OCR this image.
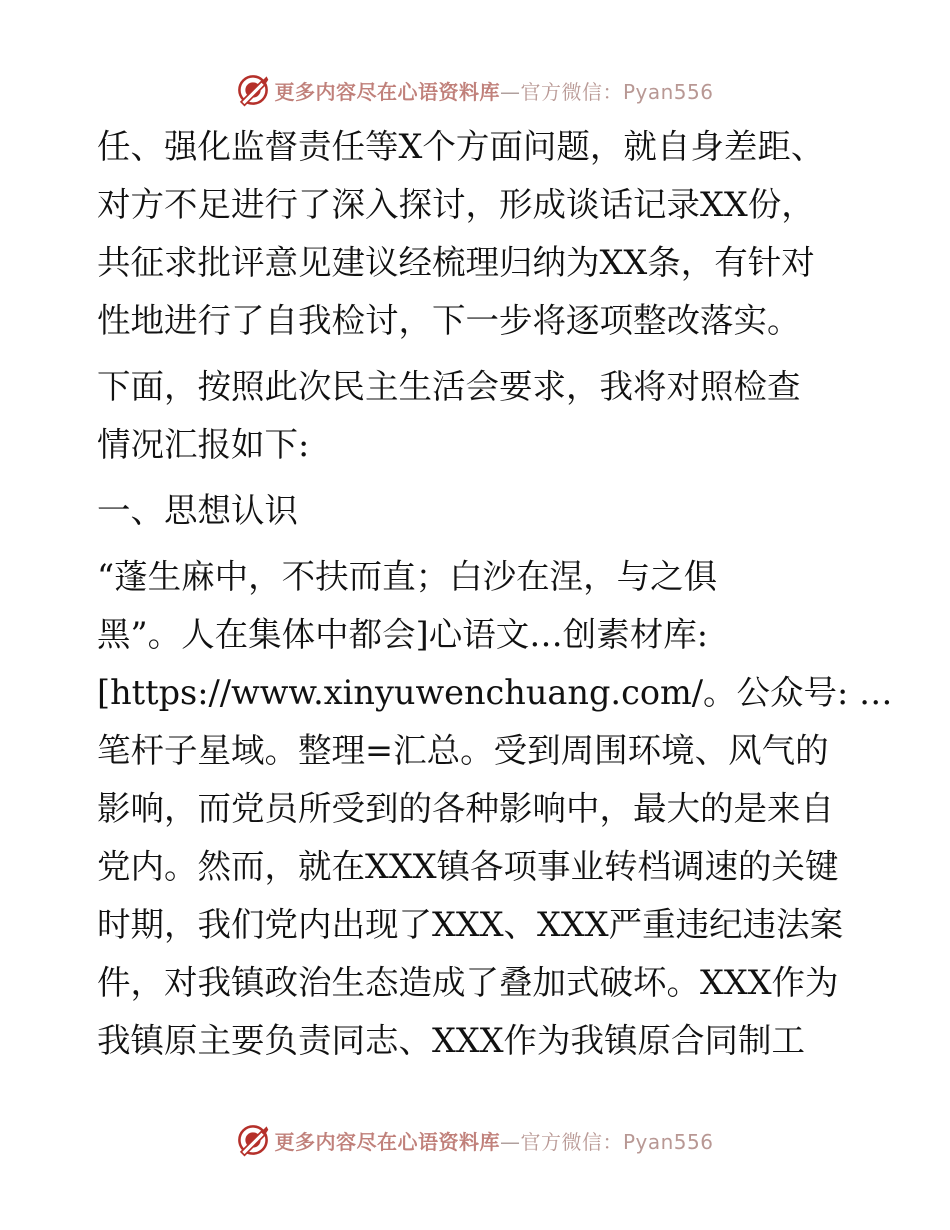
更多内容尽在心语资料库—官方微信：Pyan556
任、强化监督责任等X个方面问题，就自身差距、
对方不足进行了深入探讨，形成谈话记录XX份，
共征求批评意见建议经梳理归纳为XX条，有针对
性地进行了自我检讨，下一步将逐项整改落实。
下面，按照此次民主生活会要求，我将对照检查
情况汇报如下:
一、思想认识
“蓬生麻中，不扶而直；白沙在涅，与之俱
黑”。人在集体中都会]心语文…创素材库:
[https://www.xinyuwenchuang.com/。公众号: …
笔杆子星域。整理=汇总。受到周围环境、风气的
影响，而党员所受到的各种影响中，最大的是来自
党内。然而，就在XXX镇各项事业转档调速的关键
时期，我们党内出现了XXX、XXX严重违纪违法案
件，对我镇政治生态造成了叠加式破坏。XXX作为
我镇原主要负责同志、XXX作为我镇原合同制工
更多内容尽在心语资料库—官方微信：Pyan556
